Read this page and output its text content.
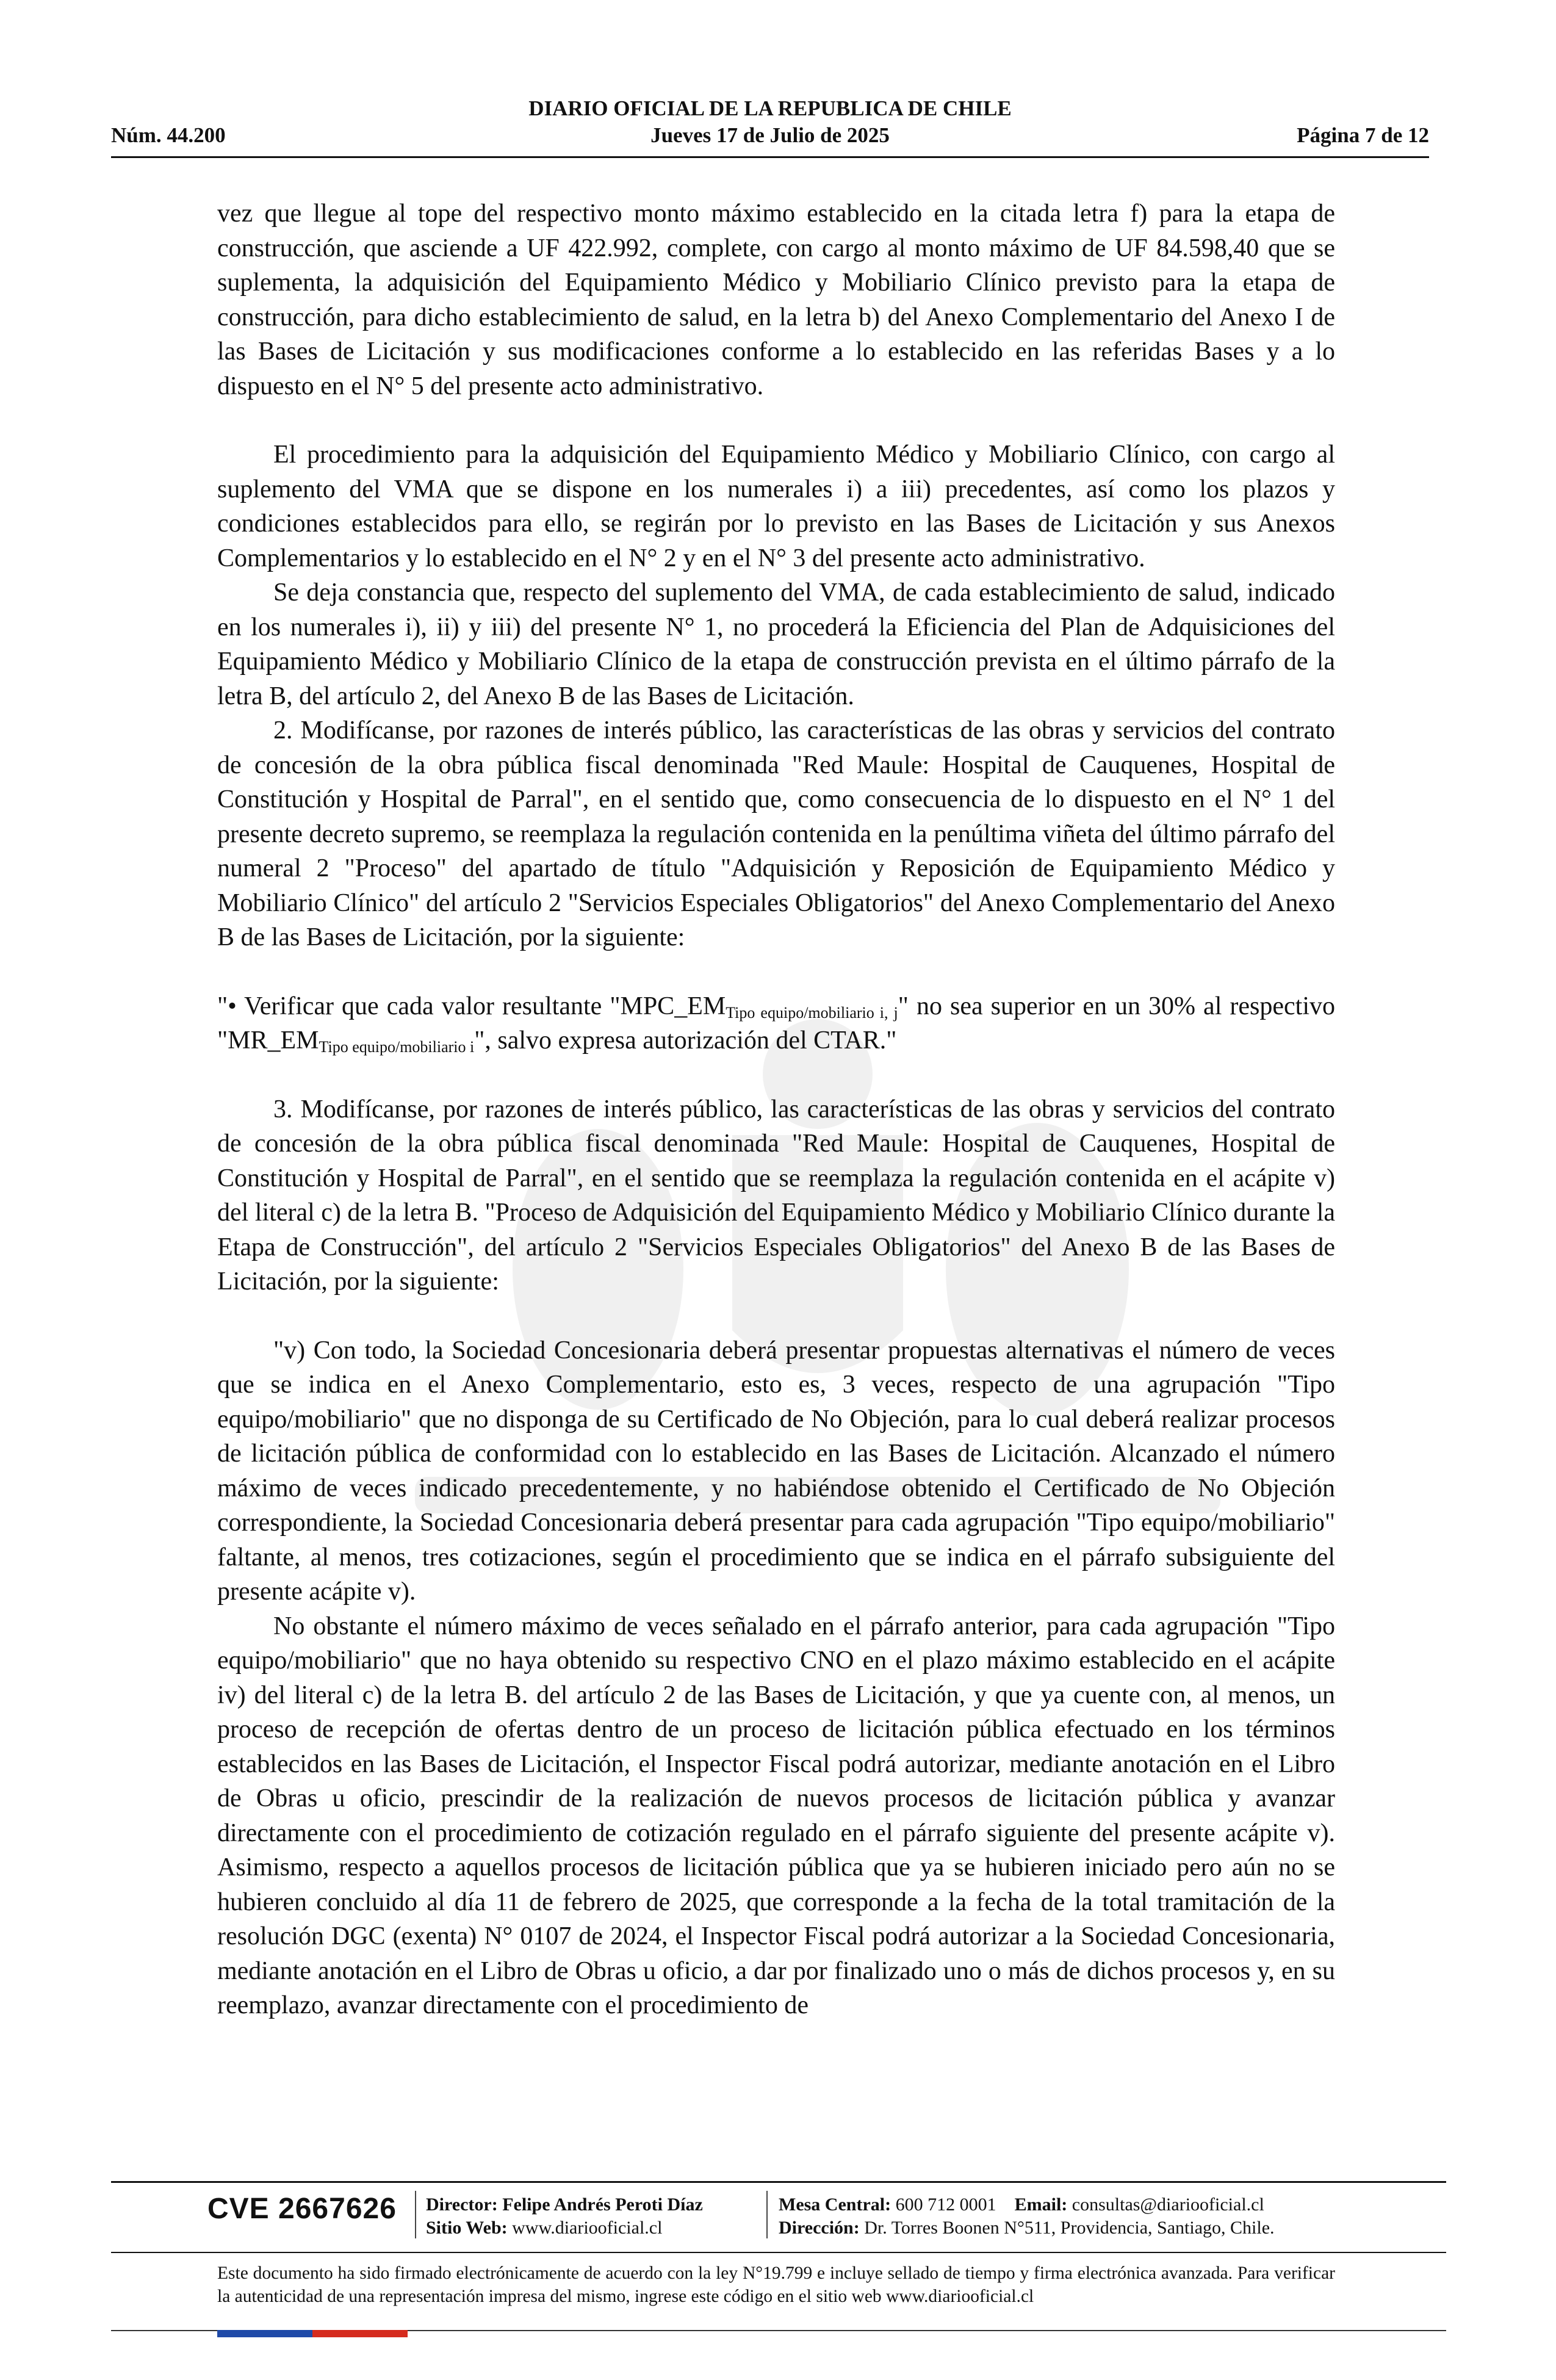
DIARIO OFICIAL DE LA REPUBLICA DE CHILE
Núm. 44.200	Jueves 17 de Julio de 2025	Página 7 de 12

vez que llegue al tope del respectivo monto máximo establecido en la citada letra f) para la etapa de construcción, que asciende a UF 422.992, complete, con cargo al monto máximo de UF 84.598,40 que se suplementa, la adquisición del Equipamiento Médico y Mobiliario Clínico previsto para la etapa de construcción, para dicho establecimiento de salud, en la letra b) del Anexo Complementario del Anexo I de las Bases de Licitación y sus modificaciones conforme a lo establecido en las referidas Bases y a lo dispuesto en el N° 5 del presente acto administrativo.

El procedimiento para la adquisición del Equipamiento Médico y Mobiliario Clínico, con cargo al suplemento del VMA que se dispone en los numerales i) a iii) precedentes, así como los plazos y condiciones establecidos para ello, se regirán por lo previsto en las Bases de Licitación y sus Anexos Complementarios y lo establecido en el N° 2 y en el N° 3 del presente acto administrativo.

Se deja constancia que, respecto del suplemento del VMA, de cada establecimiento de salud, indicado en los numerales i), ii) y iii) del presente N° 1, no procederá la Eficiencia del Plan de Adquisiciones del Equipamiento Médico y Mobiliario Clínico de la etapa de construcción prevista en el último párrafo de la letra B, del artículo 2, del Anexo B de las Bases de Licitación.

2. Modifícanse, por razones de interés público, las características de las obras y servicios del contrato de concesión de la obra pública fiscal denominada "Red Maule: Hospital de Cauquenes, Hospital de Constitución y Hospital de Parral", en el sentido que, como consecuencia de lo dispuesto en el N° 1 del presente decreto supremo, se reemplaza la regulación contenida en la penúltima viñeta del último párrafo del numeral 2 "Proceso" del apartado de título "Adquisición y Reposición de Equipamiento Médico y Mobiliario Clínico" del artículo 2 "Servicios Especiales Obligatorios" del Anexo Complementario del Anexo B de las Bases de Licitación, por la siguiente:

"• Verificar que cada valor resultante "$MPC\_EM_{Tipo equipo/mobiliario i, j}$" no sea superior en un 30% al respectivo "$MR\_EM_{Tipo equipo/mobiliario i}$", salvo expresa autorización del CTAR."

3. Modifícanse, por razones de interés público, las características de las obras y servicios del contrato de concesión de la obra pública fiscal denominada "Red Maule: Hospital de Cauquenes, Hospital de Constitución y Hospital de Parral", en el sentido que se reemplaza la regulación contenida en el acápite v) del literal c) de la letra B. "Proceso de Adquisición del Equipamiento Médico y Mobiliario Clínico durante la Etapa de Construcción", del artículo 2 "Servicios Especiales Obligatorios" del Anexo B de las Bases de Licitación, por la siguiente:

"v) Con todo, la Sociedad Concesionaria deberá presentar propuestas alternativas el número de veces que se indica en el Anexo Complementario, esto es, 3 veces, respecto de una agrupación "Tipo equipo/mobiliario" que no disponga de su Certificado de No Objeción, para lo cual deberá realizar procesos de licitación pública de conformidad con lo establecido en las Bases de Licitación. Alcanzado el número máximo de veces indicado precedentemente, y no habiéndose obtenido el Certificado de No Objeción correspondiente, la Sociedad Concesionaria deberá presentar para cada agrupación "Tipo equipo/mobiliario" faltante, al menos, tres cotizaciones, según el procedimiento que se indica en el párrafo subsiguiente del presente acápite v).

No obstante el número máximo de veces señalado en el párrafo anterior, para cada agrupación "Tipo equipo/mobiliario" que no haya obtenido su respectivo CNO en el plazo máximo establecido en el acápite iv) del literal c) de la letra B. del artículo 2 de las Bases de Licitación, y que ya cuente con, al menos, un proceso de recepción de ofertas dentro de un proceso de licitación pública efectuado en los términos establecidos en las Bases de Licitación, el Inspector Fiscal podrá autorizar, mediante anotación en el Libro de Obras u oficio, prescindir de la realización de nuevos procesos de licitación pública y avanzar directamente con el procedimiento de cotización regulado en el párrafo siguiente del presente acápite v). Asimismo, respecto a aquellos procesos de licitación pública que ya se hubieren iniciado pero aún no se hubieren concluido al día 11 de febrero de 2025, que corresponde a la fecha de la total tramitación de la resolución DGC (exenta) N° 0107 de 2024, el Inspector Fiscal podrá autorizar a la Sociedad Concesionaria, mediante anotación en el Libro de Obras u oficio, a dar por finalizado uno o más de dichos procesos y, en su reemplazo, avanzar directamente con el procedimiento de

CVE 2667626 Director: Felipe Andrés Peroti Díaz
Sitio Web: www.diariooficial.cl
Mesa Central: 600 712 0001 Email: consultas@diariooficial.cl
Dirección: Dr. Torres Boonen N°511, Providencia, Santiago, Chile.
Este documento ha sido firmado electrónicamente de acuerdo con la ley N°19.799 e incluye sellado de tiempo y firma electrónica avanzada. Para verificar la autenticidad de una representación impresa del mismo, ingrese este código en el sitio web www.diariooficial.cl
